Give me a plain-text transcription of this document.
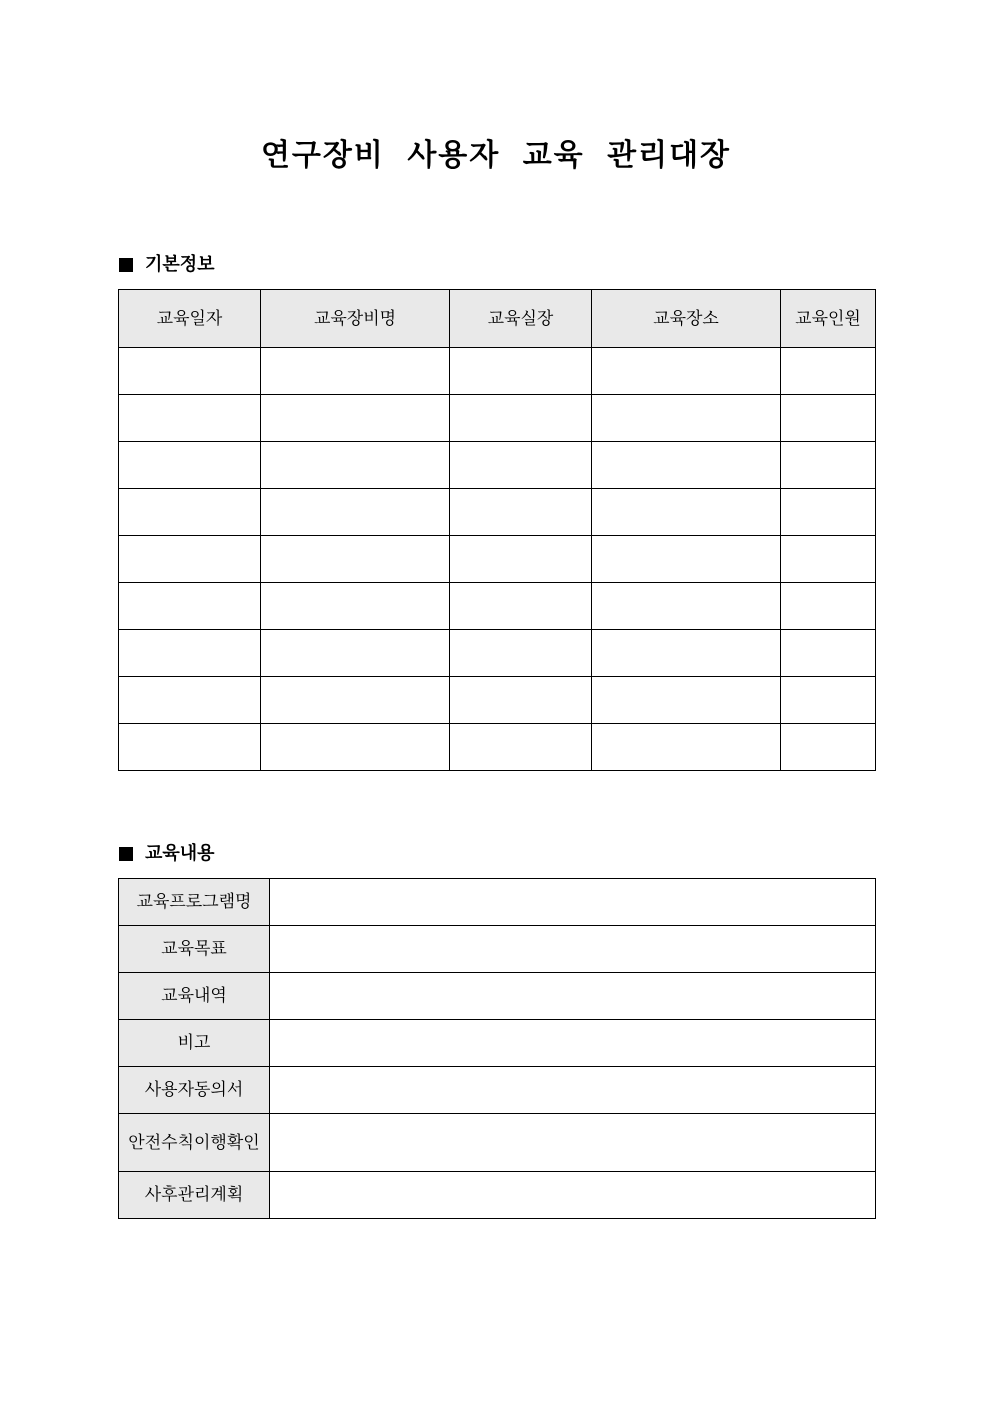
연구장비 사용자 교육 관리대장
기본정보
교육일자	교육장비명	교육실장	교육장소	교육인원

교육내용
교육프로그램명	
교육목표	
교육내역	
비고	
사용자동의서	
안전수칙이행확인	
사후관리계획	
